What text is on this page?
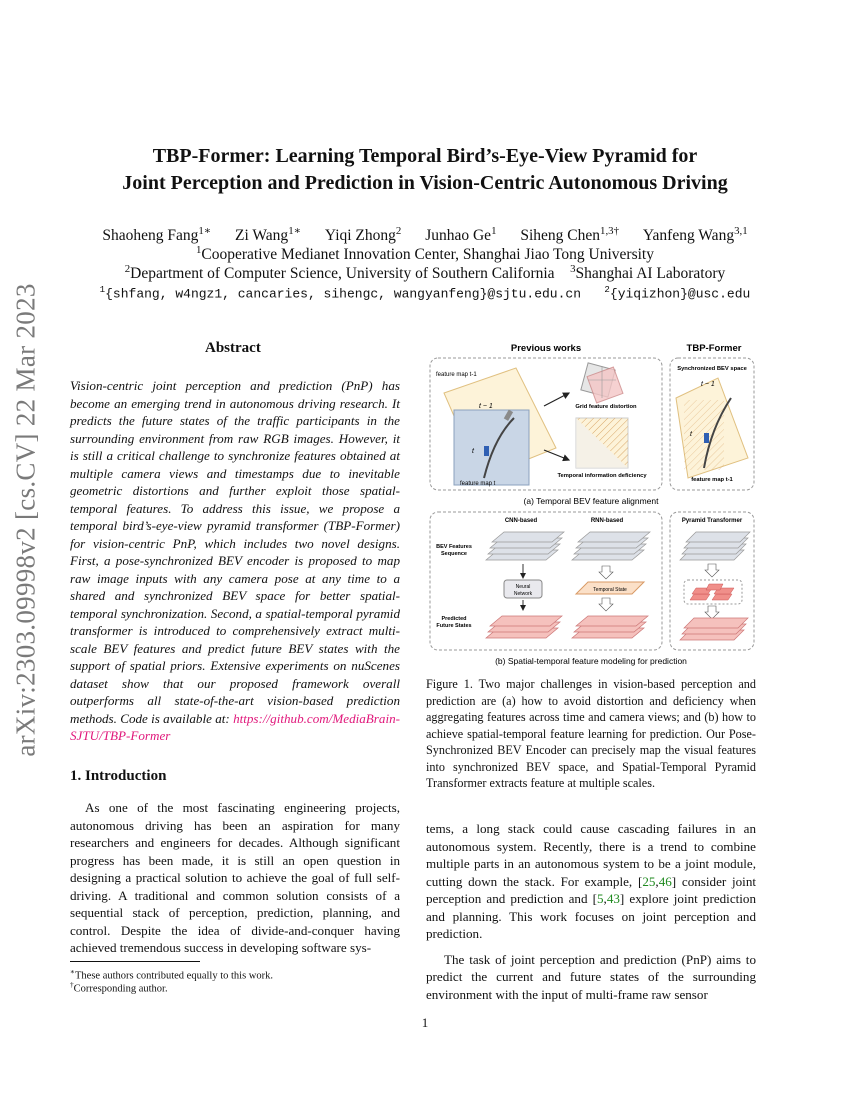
arXiv:2303.09998v2 [cs.CV] 22 Mar 2023
TBP-Former: Learning Temporal Bird’s-Eye-View Pyramid for
Joint Perception and Prediction in Vision-Centric Autonomous Driving
Shaoheng Fang$^{1∗}$ Zi Wang$^{1∗}$ Yiqi Zhong$^2$ Junhao Ge$^1$ Siheng Chen$^{1,3\dagger}$ Yanfeng Wang$^{3,1}$
$^1$Cooperative Medianet Innovation Center, Shanghai Jiao Tong University
$^2$Department of Computer Science, University of Southern California $^3$Shanghai AI Laboratory
$^1${shfang, w4ngz1, cancaries, sihengc, wangyanfeng}@sjtu.edu.cn	$^2${yiqizhon}@usc.edu
Abstract
Vision-centric joint perception and prediction (PnP) has become an emerging trend in autonomous driving research. It predicts the future states of the traffic participants in the surrounding environment from raw RGB images. However, it is still a critical challenge to synchronize features obtained at multiple camera views and timestamps due to inevitable geometric distortions and further exploit those spatial-temporal features. To address this issue, we propose a temporal bird’s-eye-view pyramid transformer (TBP-Former) for vision-centric PnP, which includes two novel designs. First, a pose-synchronized BEV encoder is proposed to map raw image inputs with any camera pose at any time to a shared and synchronized BEV space for better spatial-temporal synchronization. Second, a spatial-temporal pyramid transformer is introduced to comprehensively extract multi-scale BEV features and predict future BEV states with the support of spatial priors. Extensive experiments on nuScenes dataset show that our proposed framework overall outperforms all state-of-the-art vision-based prediction methods. Code is available at: https://github.com/MediaBrain-SJTU/TBP-Former
1. Introduction
As one of the most fascinating engineering projects, autonomous driving has been an aspiration for many researchers and engineers for decades. Although significant progress has been made, it is still an open question in designing a practical solution to achieve the goal of full self-driving. A traditional and common solution consists of a sequential stack of perception, prediction, planning, and control. Despite the idea of divide-and-conquer having achieved tremendous success in developing software sys-
∗These authors contributed equally to this work.
†Corresponding author.
Previous works	TBP-Former
feature map t-1
feature map t
t − 1
t
Grid feature distortion
Temporal information deficiency
Synchronized BEV space
t − 1
t
feature map t-1
(a) Temporal BEV feature alignment
CNN-based	RNN-based
BEV Features
Sequence
Predicted
Future States
Neural
Network
Temporal State
Pyramid Transformer
(b) Spatial-temporal feature modeling for prediction
Figure 1. Two major challenges in vision-based perception and prediction are (a) how to avoid distortion and deficiency when aggregating features across time and camera views; and (b) how to achieve spatial-temporal feature learning for prediction. Our Pose-Synchronized BEV Encoder can precisely map the visual features into synchronized BEV space, and Spatial-Temporal Pyramid Transformer extracts feature at multiple scales.

tems, a long stack could cause cascading failures in an autonomous system. Recently, there is a trend to combine multiple parts in an autonomous system to be a joint module, cutting down the stack. For example, [25,46] consider joint perception and prediction and [5,43] explore joint prediction and planning. This work focuses on joint perception and prediction.

The task of joint perception and prediction (PnP) aims to predict the current and future states of the surrounding environment with the input of multi-frame raw sensor

1
